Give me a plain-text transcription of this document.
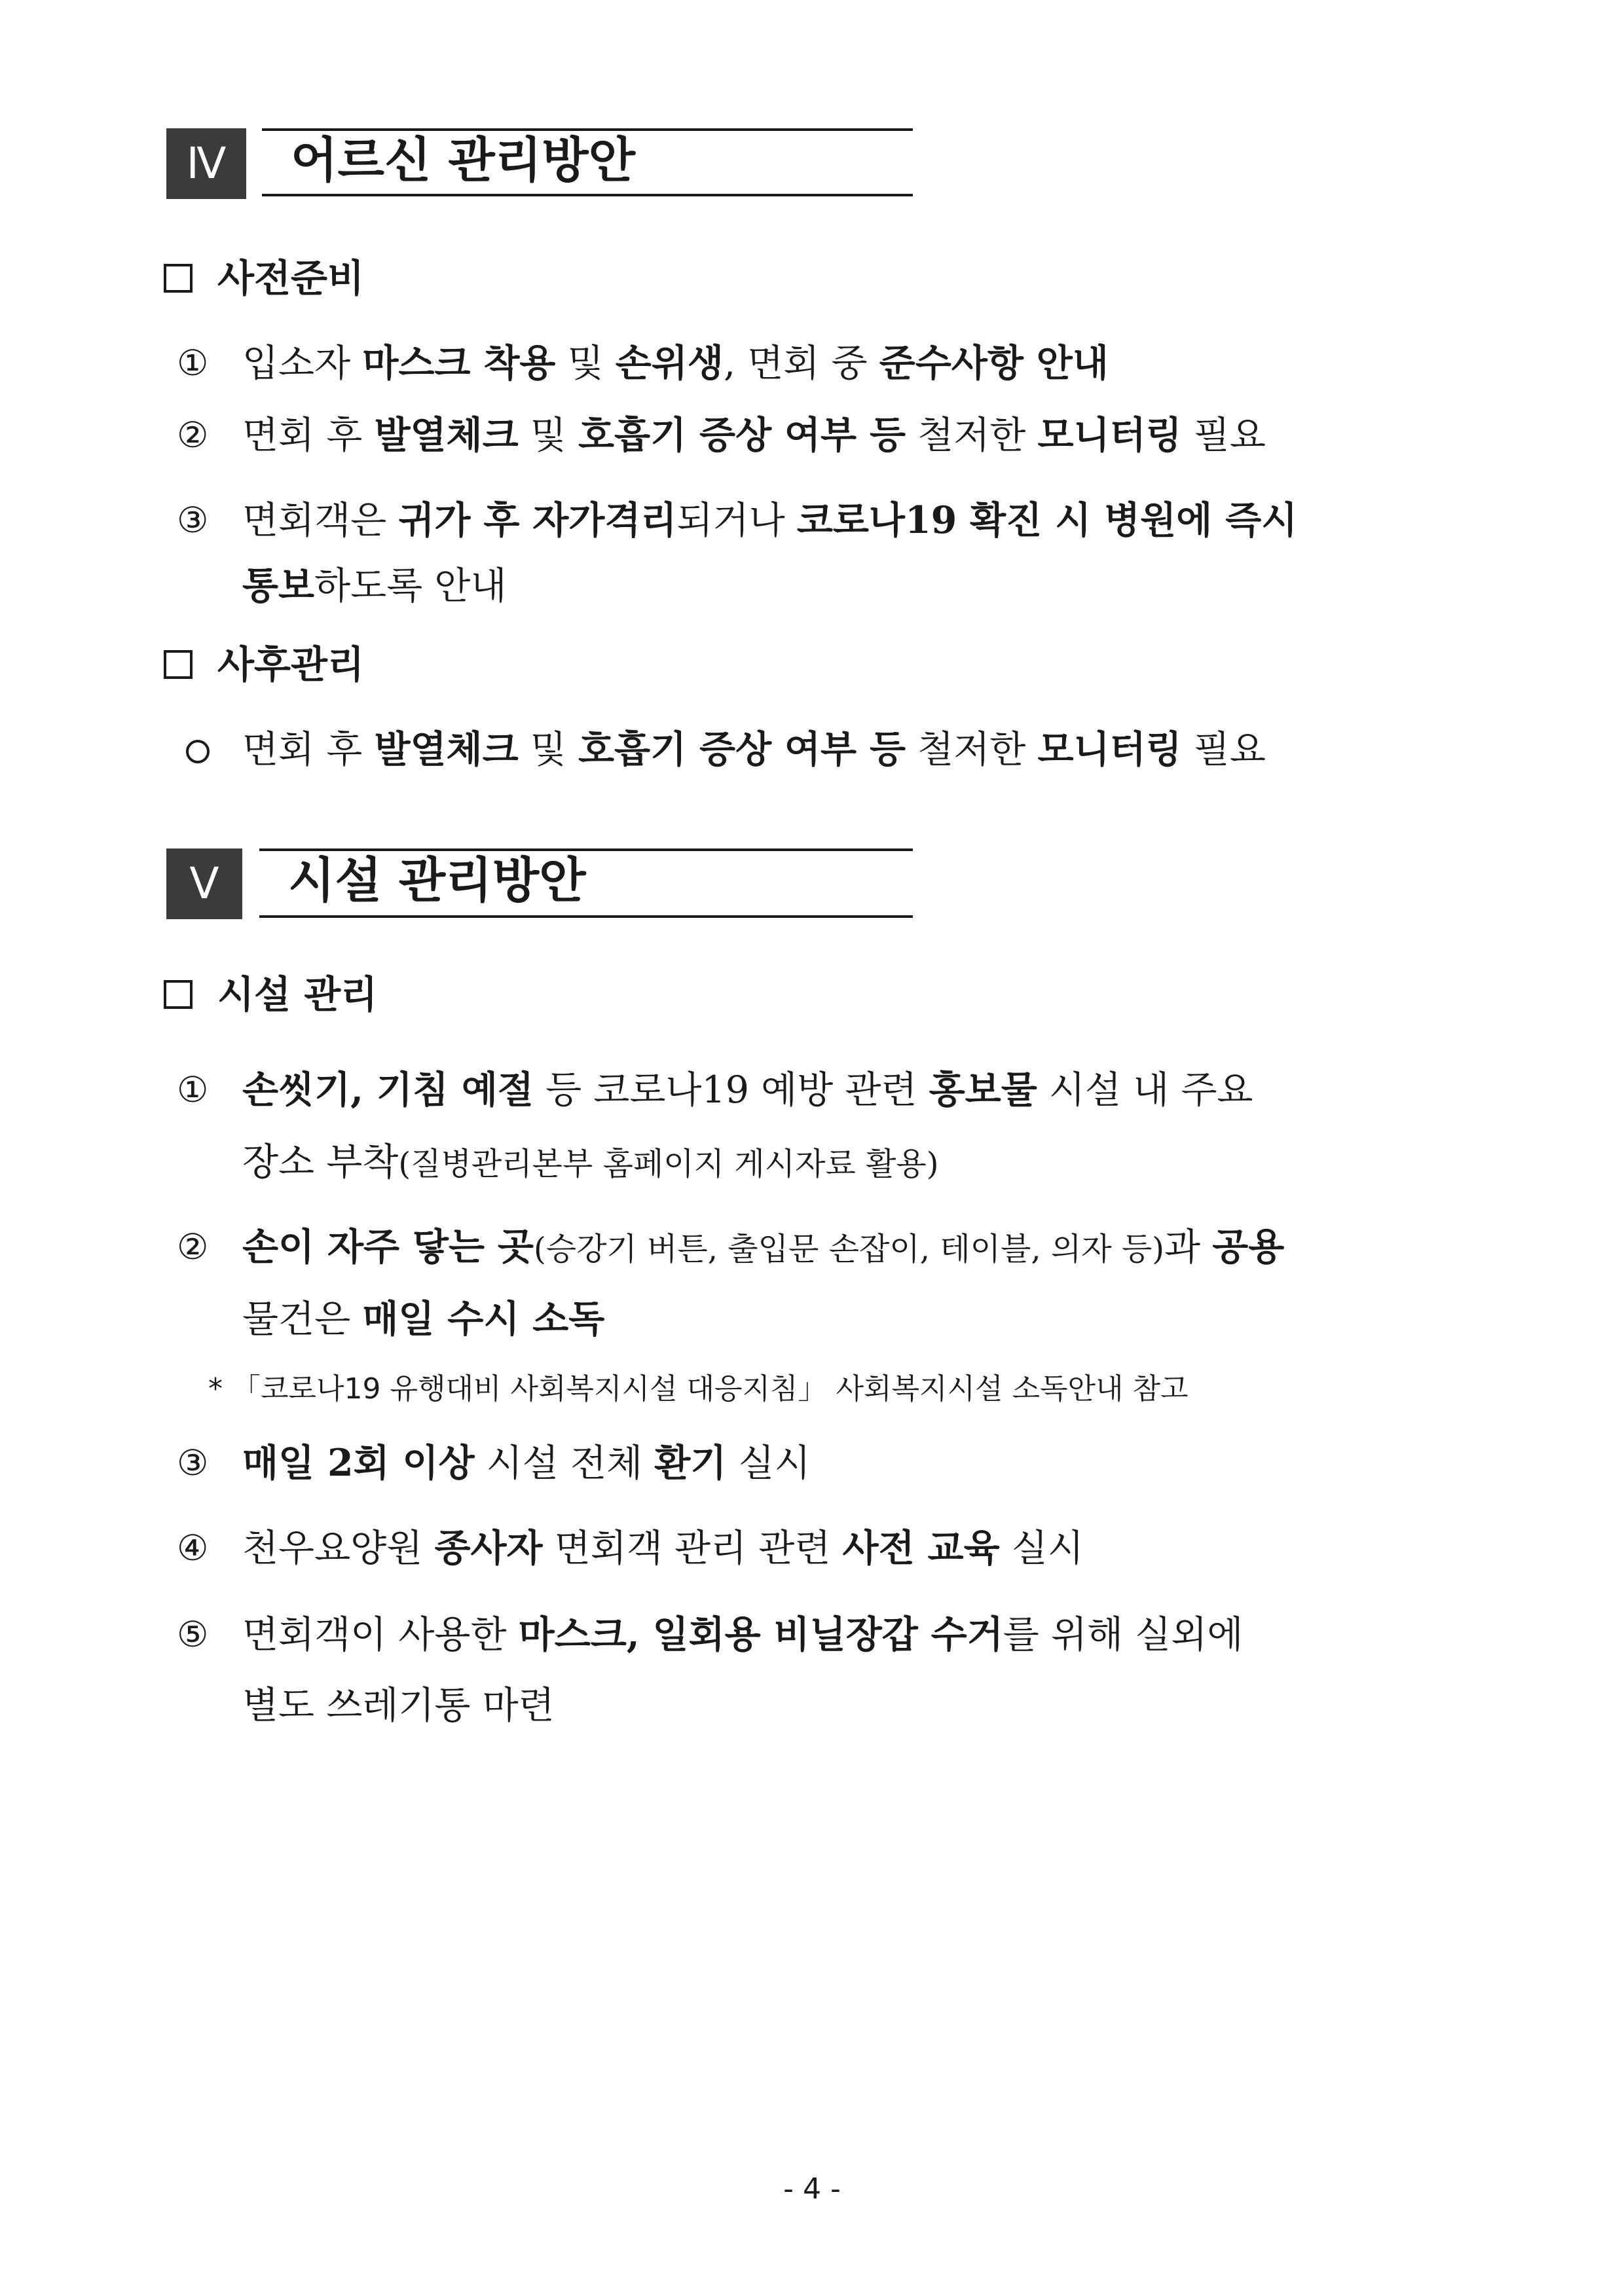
Ⅳ	어르신 관리방안
사전준비
① 입소자 마스크 착용 및 손위생, 면회 중 준수사항 안내
② 면회 후 발열체크 및 호흡기 증상 여부 등 철저한 모니터링 필요
③ 면회객은 귀가 후 자가격리되거나 코로나19 확진 시 병원에 즉시
통보하도록 안내
사후관리
면회 후 발열체크 및 호흡기 증상 여부 등 철저한 모니터링 필요
Ⅴ	시설 관리방안
시설 관리
① 손씻기, 기침 예절 등 코로나19 예방 관련 홍보물 시설 내 주요
장소 부착(질병관리본부 홈페이지 게시자료 활용)
② 손이 자주 닿는 곳(승강기 버튼, 출입문 손잡이, 테이블, 의자 등)과 공용
물건은 매일 수시 소독
* 「코로나19 유행대비 사회복지시설 대응지침」 사회복지시설 소독안내 참고
③ 매일 2회 이상 시설 전체 환기 실시
④ 천우요양원 종사자 면회객 관리 관련 사전 교육 실시
⑤ 면회객이 사용한 마스크, 일회용 비닐장갑 수거를 위해 실외에
별도 쓰레기통 마련
- 4 -
